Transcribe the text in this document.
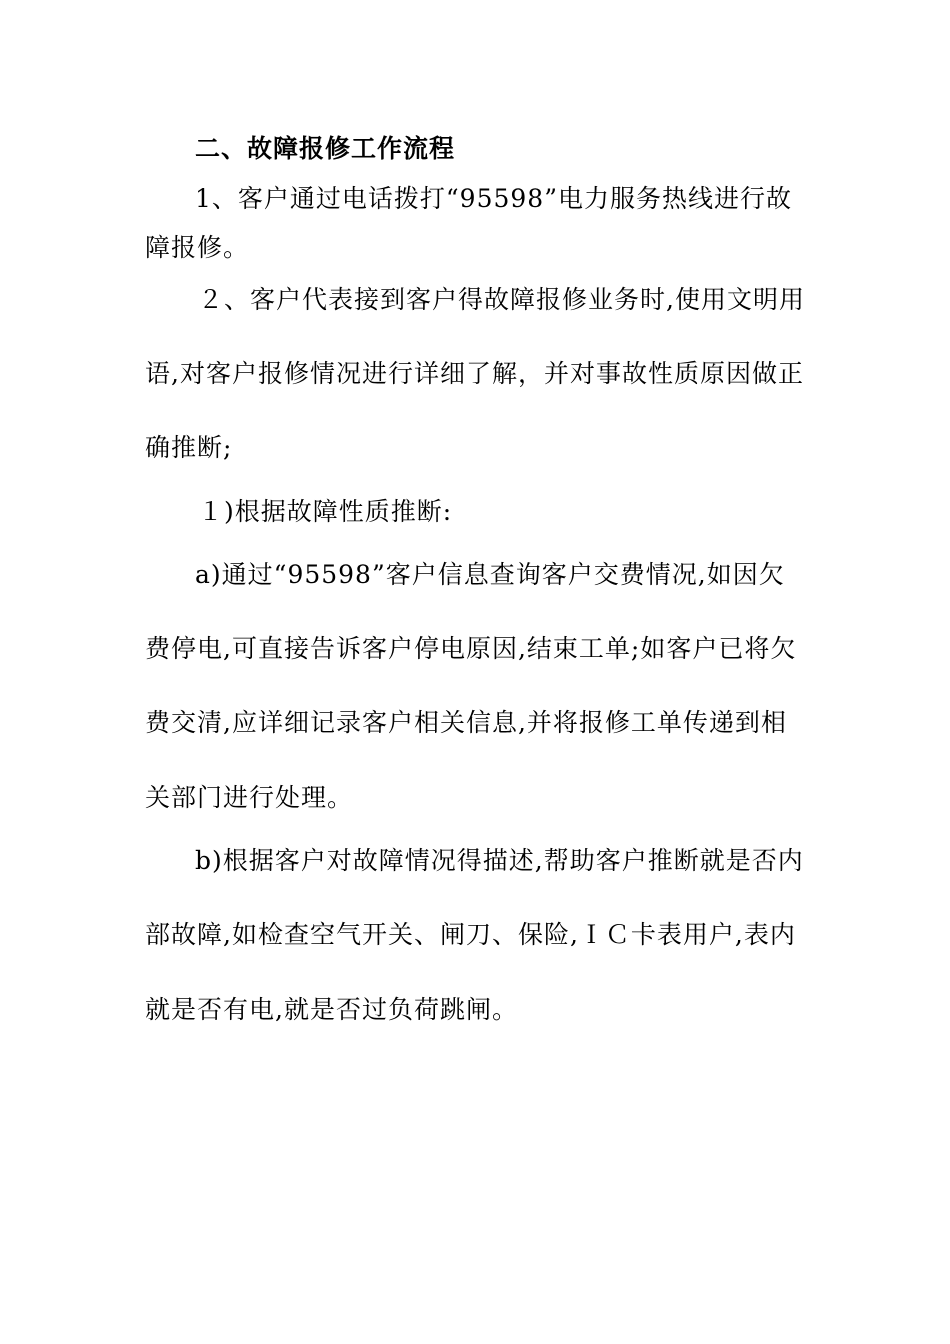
二、故障报修工作流程
1、客户通过电话拨打“95598”电力服务热线进行故
障报修。
２、客户代表接到客户得故障报修业务时,使用文明用
语,对客户报修情况进行详细了解，并对事故性质原因做正
确推断;
１)根据故障性质推断:
a)通过“95598”客户信息查询客户交费情况,如因欠
费停电,可直接告诉客户停电原因,结束工单;如客户已将欠
费交清,应详细记录客户相关信息,并将报修工单传递到相
关部门进行处理。
b)根据客户对故障情况得描述,帮助客户推断就是否内
部故障,如检查空气开关、闸刀、保险,ＩＣ卡表用户,表内
就是否有电,就是否过负荷跳闸。
